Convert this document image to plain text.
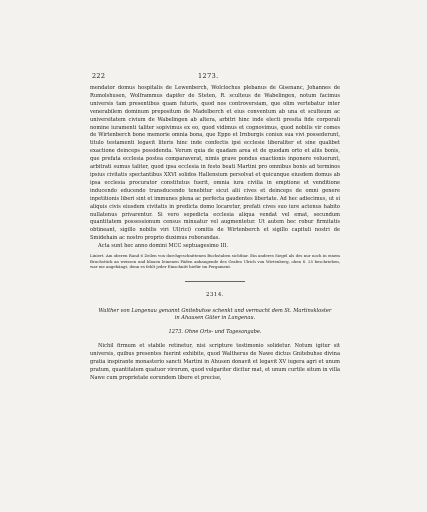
222	1273.

mendator domus hospitalis de Lewenberch, Wolclochus plebanus de Gisenanc, Johannes de Rumolshusen, Wolframmus dapifer de Steten, R. sculteus de Wabelingen, notum facimus universis tam presentibus quam futuris, quod nos controversiam, que olim vertebatur inter venerabilem dominum prepositum de Madelberch et eius conventum ab una et sculteum ac universitatem civium de Wabelingen ab altera, arbitri hinc inde electi presita fide corporali nomine iuramenti taliter sopivimus ex eo, quod vidimus et cognovimus, quod nobilis vir comes de Wirtenberch bone memorie omnia bona, que Eppo et Irnburgis coniux sua vivi possederunt, titulo testamenti legavit literis hinc inde confectis ipsi ecclesie liberaliter et sine qualibet exactione deinceps possidenda. Verum quia de quadam area et de quodam orto et aliis bonis, que prefata ecclesia postea comparaverat, nimis grave pondus exactionis inponere voluerunt, arbitrati sumus taliter, quod ipsa ecclesia in festo beati Martini pro omnibus bonis ad terminos ipsius civitatis spectantibus XXVI solidos Hallensium persolvat et quicunque eiusdem domus ab ipsa ecclesia procurator constitutus fuerit, omnia iura civilia in emptione et venditione inducendo educendo transducendo tenebitur sicut alii cives et deinceps de omni genere inpetitionis liberi sint et immunes plena ac perfecta gaudentes libertate. Ad hec adiecimus, ut si aliquis civis eiusdem civitatis in predicta domo locaretur, prefati cives suo iure actenus habito nullatenus privarentur. Si vero sepedicta ecclesia aliqua vendat vel emat, secundum quantitatem possessionum census minuatur vel augmentetur. Ut autem hec robur firmitatis obtineant, sigillo nobilis viri Ul(rici) comitis de Wirtenberch et sigillo capituli nostri de Smidehain ac nostro proprio duximus roborandas.

Acta sunt hec anno domini MCC septuagesimo III.

Liniert. Am oberen Rand 6 Zeilen von durchgeschnittenen Buchstaben sichtbar. Ein anderes Siegel als des nur noch in einem Bruchstück an weissen und blauen leinenen Fäden anhangende des Grafen Ulrich von Wirtenberg, oben S. 25 beschrieben, war nie angehängt, denn es fehlt jeder Einschnitt hiefür im Pergament.
2314.
Walther von Langenau genannt Gnitebuhse schenkt und vermacht dem St. Martinskloster in Ahausen Güter in Langenau.
1273. Ohne Orts- und Tagesangabe.

Nichil firmum et stabile retinetur, nisi scripture testimonio solidetur. Notum igitur sit universis, quibus presentes fuerint exhibite, quod Waltherus de Nawe dictus Gnitebuhse divina gratia inspirante monasterio sancti Martini in Ahusen donavit et legavit XV iugera agri et unum pratum, quantitatem quatuor virorum, quod vulgariter dicitur mat, et unum curtile situm in villa Nawe cum proprietate eorundem libere et precise,
